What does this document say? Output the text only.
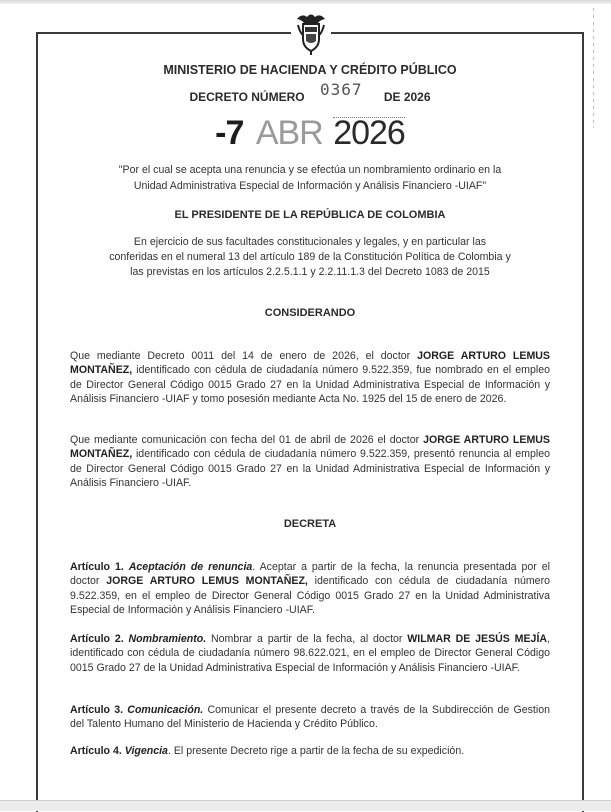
MINISTERIO DE HACIENDA Y CRÉDITO PÚBLICO
DECRETO NÚMERO 0367 DE 2026
-7 ABR 2026
"Por el cual se acepta una renuncia y se efectúa un nombramiento ordinario en la
Unidad Administrativa Especial de Información y Análisis Financiero -UIAF"
EL PRESIDENTE DE LA REPÚBLICA DE COLOMBIA
En ejercicio de sus facultades constitucionales y legales, y en particular las
conferidas en el numeral 13 del artículo 189 de la Constitución Política de Colombia y
las previstas en los artículos 2.2.5.1.1 y 2.2.11.1.3 del Decreto 1083 de 2015
CONSIDERANDO
Que mediante Decreto 0011 del 14 de enero de 2026, el doctor JORGE ARTURO LEMUS MONTAÑEZ, identificado con cédula de ciudadanía número 9.522.359, fue nombrado en el empleo de Director General Código 0015 Grado 27 en la Unidad Administrativa Especial de Información y Análisis Financiero -UIAF y tomo posesión mediante Acta No. 1925 del 15 de enero de 2026.
Que mediante comunicación con fecha del 01 de abril de 2026 el doctor JORGE ARTURO LEMUS MONTAÑEZ, identificado con cédula de ciudadanía número 9.522.359, presentó renuncia al empleo de Director General Código 0015 Grado 27 en la Unidad Administrativa Especial de Información y Análisis Financiero -UIAF.
DECRETA
Artículo 1. Aceptación de renuncia. Aceptar a partir de la fecha, la renuncia presentada por el doctor JORGE ARTURO LEMUS MONTAÑEZ, identificado con cédula de ciudadanía número 9.522.359, en el empleo de Director General Código 0015 Grado 27 en la Unidad Administrativa Especial de Información y Análisis Financiero -UIAF.
Artículo 2. Nombramiento. Nombrar a partir de la fecha, al doctor WILMAR DE JESÚS MEJÍA, identificado con cédula de ciudadanía número 98.622.021, en el empleo de Director General Código 0015 Grado 27 de la Unidad Administrativa Especial de Información y Análisis Financiero -UIAF.
Artículo 3. Comunicación. Comunicar el presente decreto a través de la Subdirección de Gestion del Talento Humano del Ministerio de Hacienda y Crédito Público.
Artículo 4. Vigencia. El presente Decreto rige a partir de la fecha de su expedición.
